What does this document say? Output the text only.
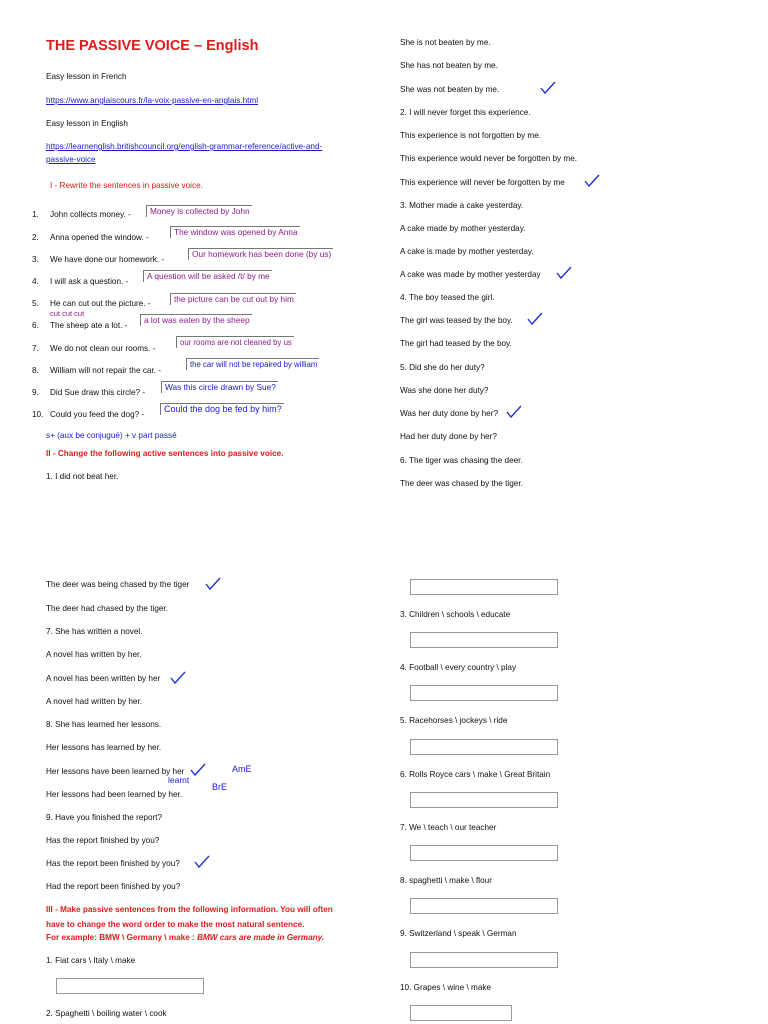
THE PASSIVE VOICE – English
Easy lesson in French
https://www.anglaiscours.fr/la-voix-passive-en-anglais.html
Easy lesson in English
https://learnenglish.britishcouncil.org/english-grammar-reference/active-and-
passive-voice
I - Rewrite the sentences in passive voice.
1. John collects money. -	Money is collected by John
2. Anna opened the window. -
The window was opened by Anna
3. We have done our homework. -
Our homework has been done (by us)
4. I will ask a question. -
A question will be asked /t/ by me
5. He can cut out the picture. -	the picture can be cut out by him
cut cut cut
6. The sheep ate a lot. -
a lot was eaten by the sheep
7. We do not clean our rooms. -
our rooms are not cleaned by us
8. William will not repair the car. -
the car will not be repaired by william
9. Did Sue draw this circle? -
Was this circle drawn by Sue?
10. Could you feed the dog? -
Could the dog be fed by him?
s+ (aux be conjugué) + v part passé
II - Change the following active sentences into passive voice.
1. I did not beat her.
She is not beaten by me.
She has not beaten by me.
She was not beaten by me.
2. I will never forget this experience.
This experience is not forgotten by me.
This experience would never be forgotten by me.
This experience will never be forgotten by me
3. Mother made a cake yesterday.
A cake made by mother yesterday.
A cake is made by mother yesterday.
A cake was made by mother yesterday
4. The boy teased the girl.
The girl was teased by the boy.
The girl had teased by the boy.
5. Did she do her duty?
Was she done her duty?
Was her duty done by her?
Had her duty done by her?
6. The tiger was chasing the deer.
The deer was chased by the tiger.
The deer was being chased by the tiger
The deer had chased by the tiger.
7. She has written a novel.
A novel has written by her.
A novel has been written by her
A novel had written by her.
8. She has learned her lessons.
Her lessons has learned by her.
Her lessons have been learned by her
Her lessons had been learned by her.
9. Have you finished the report?
Has the report finished by you?
Has the report been finished by you?
Had the report been finished by you?
AmE
learnt
BrE
III - Make passive sentences from the following information. You will often
have to change the word order to make the most natural sentence.
For example: BMW \ Germany \ make : BMW cars are made in Germany.
1. Fiat cars \ Italy \ make
2. Spaghetti \ boiling water \ cook
3. Children \ schools \ educate
4. Football \ every country \ play
5. Racehorses \ jockeys \ ride
6. Rolls Royce cars \ make \ Great Britain
7. We \ teach \ our teacher
8. spaghetti \ make \ flour
9. Switzerland \ speak \ German
10. Grapes \ wine \ make
